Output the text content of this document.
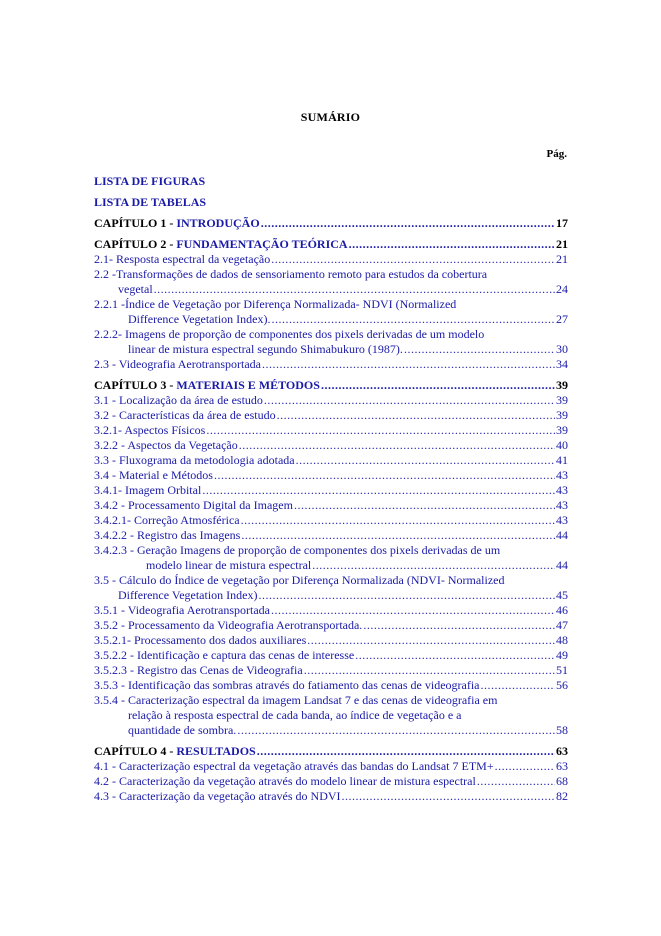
SUMÁRIO
Pág.
LISTA DE FIGURAS
LISTA DE TABELAS
CAPÍTULO 1 - INTRODUÇÃO .....	17
CAPÍTULO 2 - FUNDAMENTAÇÃO TEÓRICA .....	21
2.1- Resposta espectral da vegetação .....	21
2.2 -Transformações de dados de sensoriamento remoto para estudos da cobertura
vegetal .....	24
2.2.1 -Índice de Vegetação por Diferença Normalizada- NDVI (Normalized
Difference Vegetation Index). .....	27
2.2.2- Imagens de proporção de componentes dos pixels derivadas de um modelo
linear de mistura espectral segundo Shimabukuro (1987). .....	30
2.3 - Videografia Aerotransportada .....	34
CAPÍTULO 3 - MATERIAIS E MÉTODOS .....	39
3.1 - Localização da área de estudo .....	39
3.2 - Características da área de estudo .....	39
3.2.1- Aspectos Físicos .....	39
3.2.2 - Aspectos da Vegetação .....	40
3.3 - Fluxograma da metodologia adotada .....	41
3.4 - Material e Métodos .....	43
3.4.1- Imagem Orbital .....	43
3.4.2 - Processamento Digital da Imagem .....	43
3.4.2.1- Correção Atmosférica .....	43
3.4.2.2 - Registro das Imagens .....	44
3.4.2.3 - Geração Imagens de proporção de componentes dos pixels derivadas de um
modelo linear de mistura espectral .....	44
3.5 - Cálculo do Índice de vegetação por Diferença Normalizada (NDVI- Normalized
Difference Vegetation Index) .....	45
3.5.1 - Videografia Aerotransportada .....	46
3.5.2 - Processamento da Videografia Aerotransportada. .....	47
3.5.2.1- Processamento dos dados auxiliares .....	48
3.5.2.2 - Identificação e captura das cenas de interesse .....	49
3.5.2.3 - Registro das Cenas de Videografia .....	51
3.5.3 - Identificação das sombras através do fatiamento das cenas de videografia .....	56
3.5.4 - Caracterização espectral da imagem Landsat 7 e das cenas de videografia em
relação à resposta espectral de cada banda, ao índice de vegetação e a
quantidade de sombra. .....	58
CAPÍTULO 4 - RESULTADOS .....	63
4.1 - Caracterização espectral da vegetação através das bandas do Landsat 7 ETM+ .....	63
4.2 - Caracterização da vegetação através do modelo linear de mistura espectral .....	68
4.3 - Caracterização da vegetação através do NDVI .....	82
